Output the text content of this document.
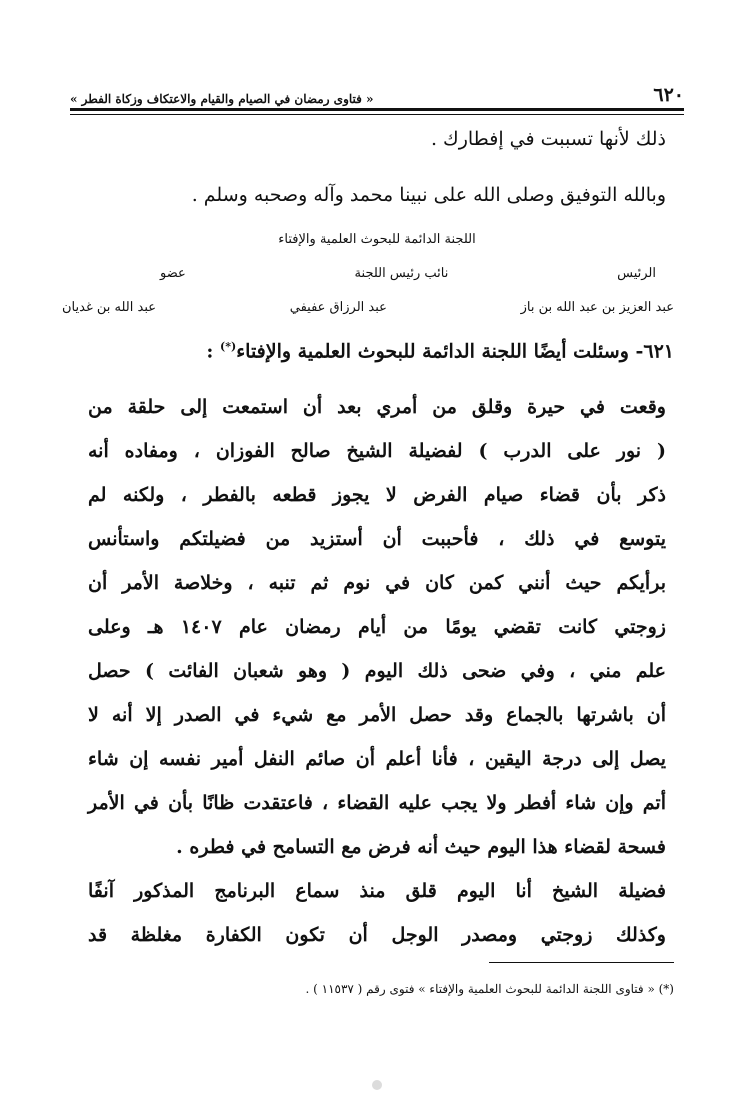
٦٢٠
« فتاوى رمضان في الصيام والقيام والاعتكاف وزكاة الفطر »
ذلك لأنها تسببت في إفطارك .
وبالله التوفيق وصلى الله على نبينا محمد وآله وصحبه وسلم .
اللجنة الدائمة للبحوث العلمية والإفتاء
الرئيس
نائب رئيس اللجنة
عضو
عبد العزيز بن عبد الله بن باز
عبد الرزاق عفيفي
عبد الله بن غديان
٦٢١- وسئلت أيضًا اللجنة الدائمة للبحوث العلمية والإفتاء(*) :
وقعت في حيرة وقلق من أمري بعد أن استمعت إلى حلقة من
( نور على الدرب ) لفضيلة الشيخ صالح الفوزان ، ومفاده أنه
ذكر بأن قضاء صيام الفرض لا يجوز قطعه بالفطر ، ولكنه لم
يتوسع في ذلك ، فأحببت أن أستزيد من فضيلتكم واستأنس
برأيكم حيث أنني كمن كان في نوم ثم تنبه ، وخلاصة الأمر أن
زوجتي كانت تقضي يومًا من أيام رمضان عام ١٤٠٧ هـ وعلى
علم مني ، وفي ضحى ذلك اليوم ( وهو شعبان الفائت ) حصل
أن باشرتها بالجماع وقد حصل الأمر مع شيء في الصدر إلا أنه لا
يصل إلى درجة اليقين ، فأنا أعلم أن صائم النفل أمير نفسه إن شاء
أتم وإن شاء أفطر ولا يجب عليه القضاء ، فاعتقدت ظانًا بأن في الأمر
فسحة لقضاء هذا اليوم حيث أنه فرض مع التسامح في فطره .
فضيلة الشيخ أنا اليوم قلق منذ سماع البرنامج المذكور آنفًا
وكذلك زوجتي ومصدر الوجل أن تكون الكفارة مغلظة قد
(*) « فتاوى اللجنة الدائمة للبحوث العلمية والإفتاء » فتوى رقم ( ١١٥٣٧ ) .
